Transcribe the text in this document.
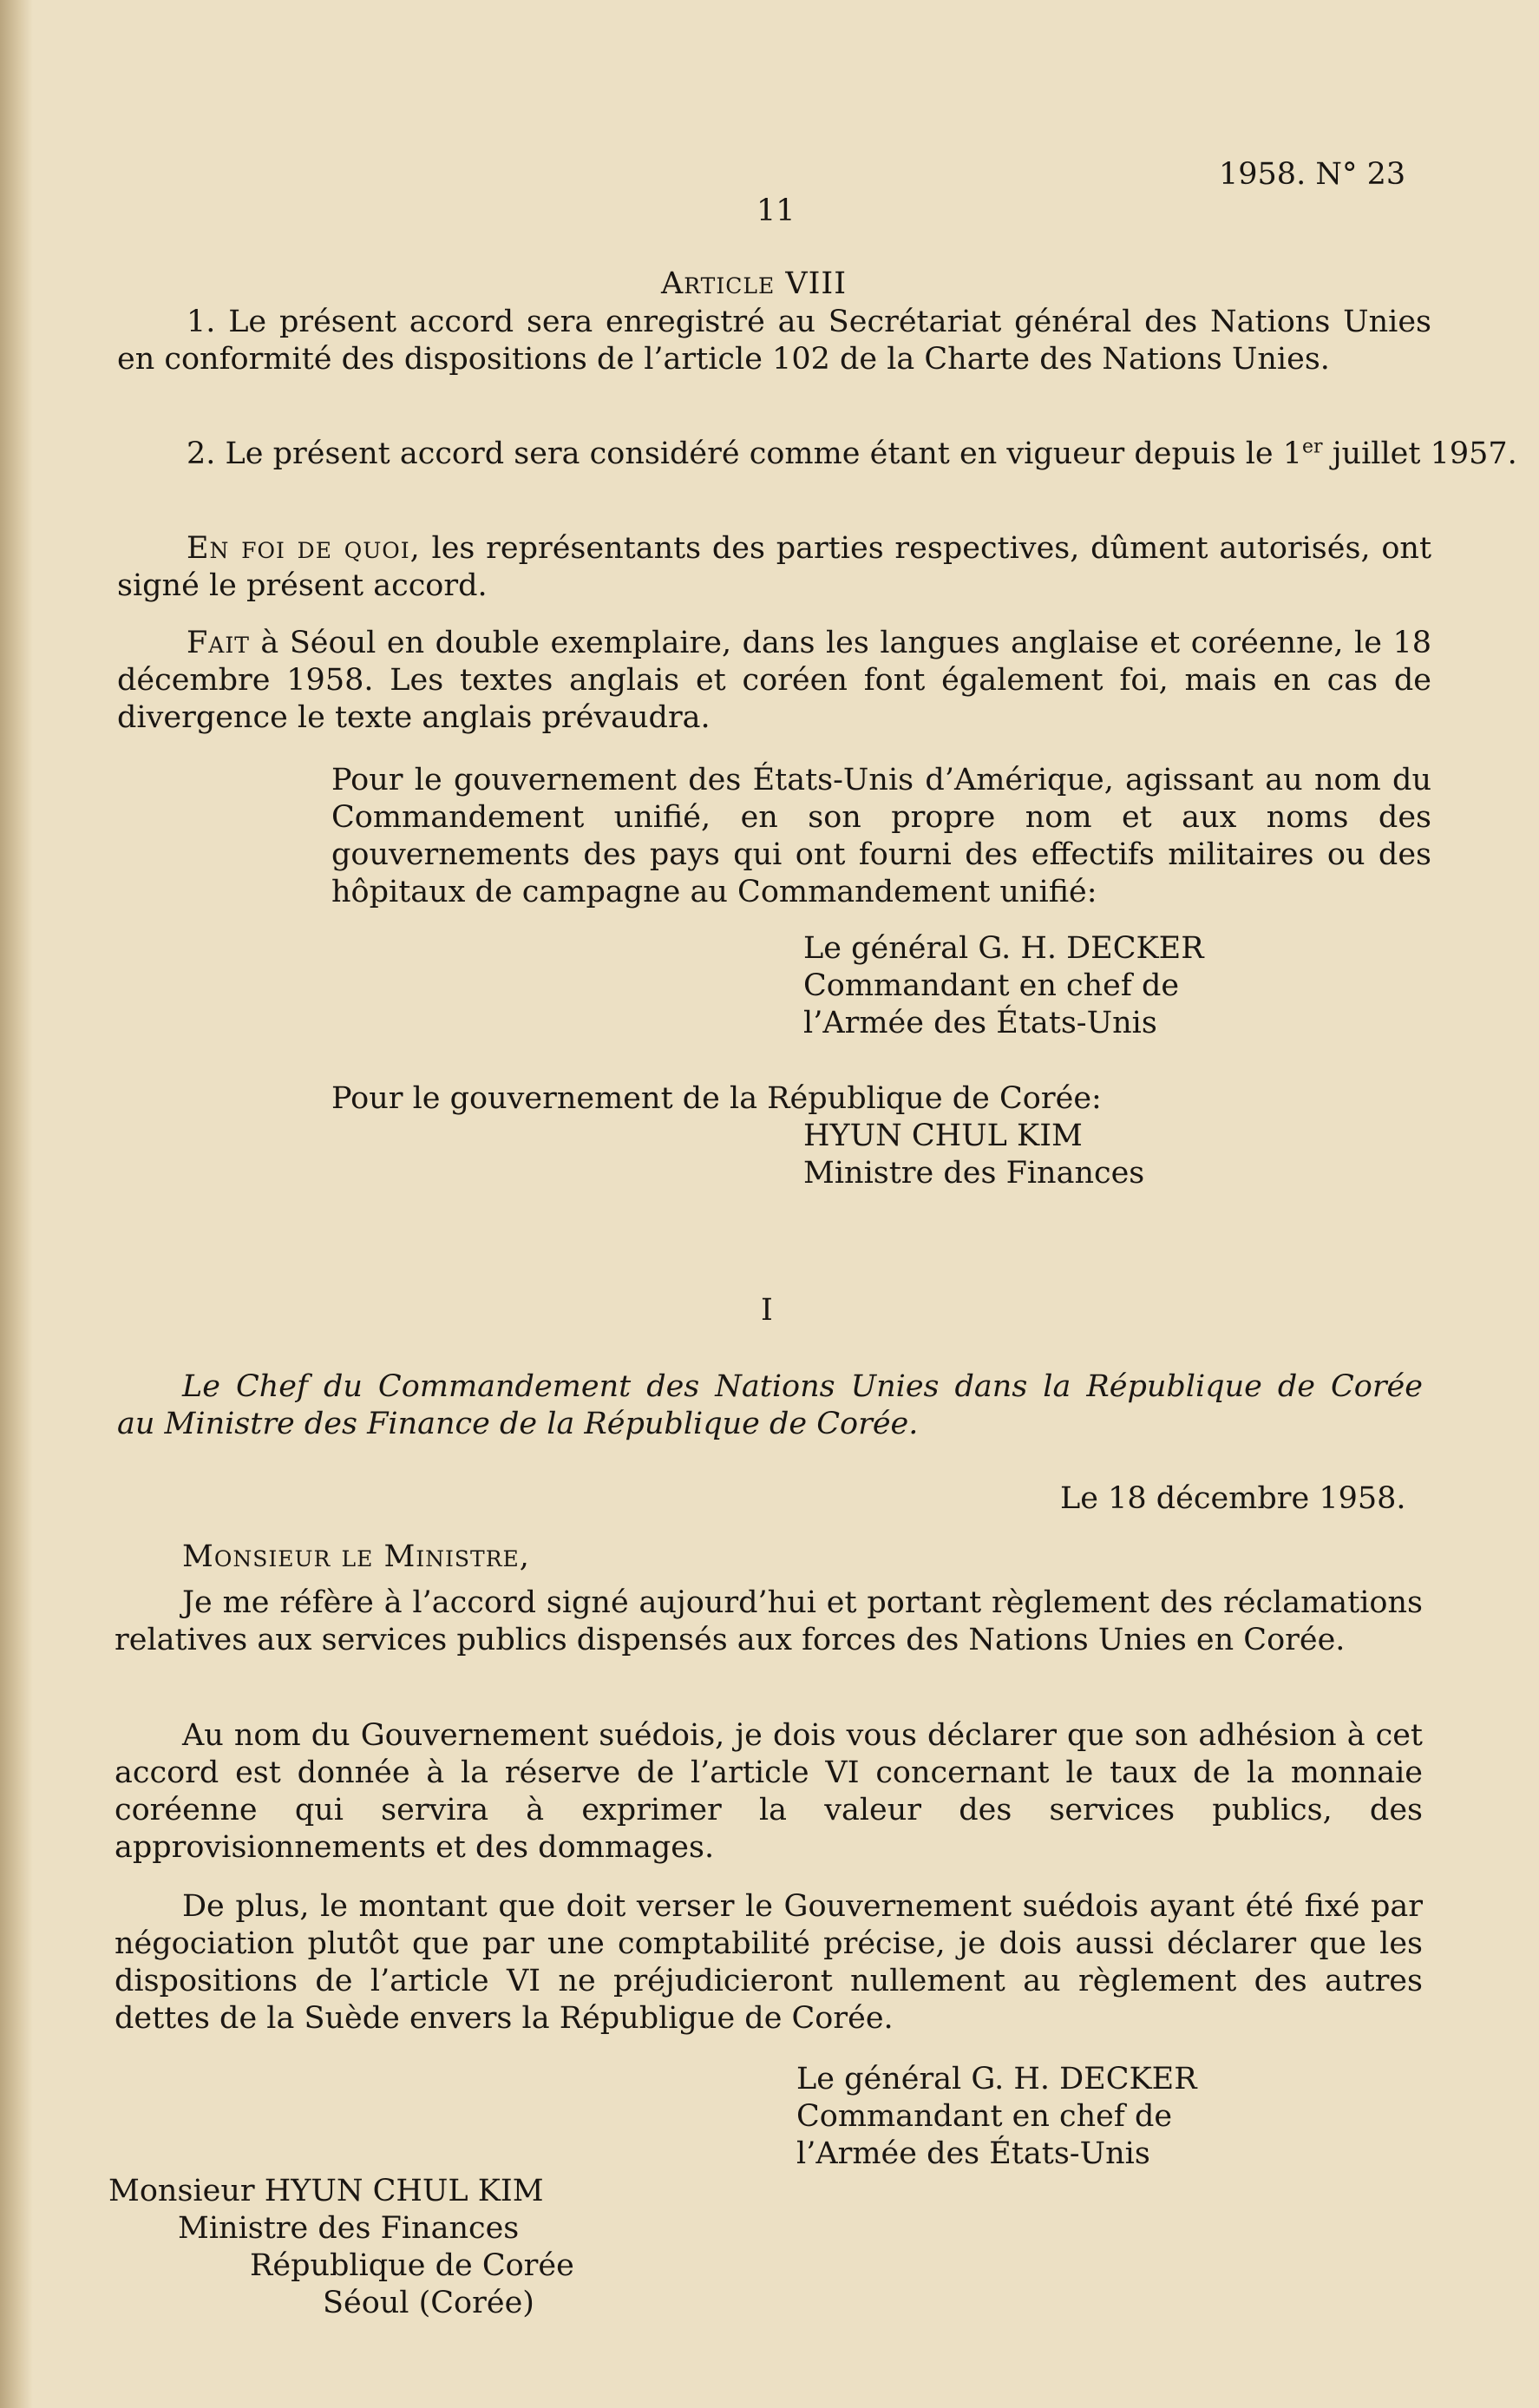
11
1958. N° 23
Article VIII
1. Le présent accord sera enregistré au Secrétariat général des Nations Unies en conformité des dispositions de l’article 102 de la Charte des Nations Unies.
2. Le présent accord sera considéré comme étant en vigueur depuis le 1er juillet 1957.
En foi de quoi, les représentants des parties respectives, dûment autorisés, ont signé le présent accord.
Fait à Séoul en double exemplaire, dans les langues anglaise et coréenne, le 18 décembre 1958. Les textes anglais et coréen font également foi, mais en cas de divergence le texte anglais prévaudra.
Pour le gouvernement des États-Unis d’Amérique, agissant au nom du Commandement unifié, en son propre nom et aux noms des gouvernements des pays qui ont fourni des effectifs militaires ou des hôpitaux de campagne au Commandement unifié:
Le général G. H. DECKER
Commandant en chef de
l’Armée des États-Unis
Pour le gouvernement de la République de Corée:
HYUN CHUL KIM
Ministre des Finances
I
Le Chef du Commandement des Nations Unies dans la République de Corée
au Ministre des Finance de la République de Corée.
Le 18 décembre 1958.
Monsieur le Ministre,
Je me réfère à l’accord signé aujourd’hui et portant règlement des réclamations relatives aux services publics dispensés aux forces des Nations Unies en Corée.
Au nom du Gouvernement suédois, je dois vous déclarer que son adhésion à cet accord est donnée à la réserve de l’article VI concernant le taux de la monnaie coréenne qui servira à exprimer la valeur des services publics, des approvisionnements et des dommages.
De plus, le montant que doit verser le Gouvernement suédois ayant été fixé par négociation plutôt que par une comptabilité précise, je dois aussi déclarer que les dispositions de l’article VI ne préjudicieront nullement au règlement des autres dettes de la Suède envers la Républigue de Corée.
Le général G. H. DECKER
Commandant en chef de
l’Armée des États-Unis
Monsieur HYUN CHUL KIM
Ministre des Finances
République de Corée
Séoul (Corée)
